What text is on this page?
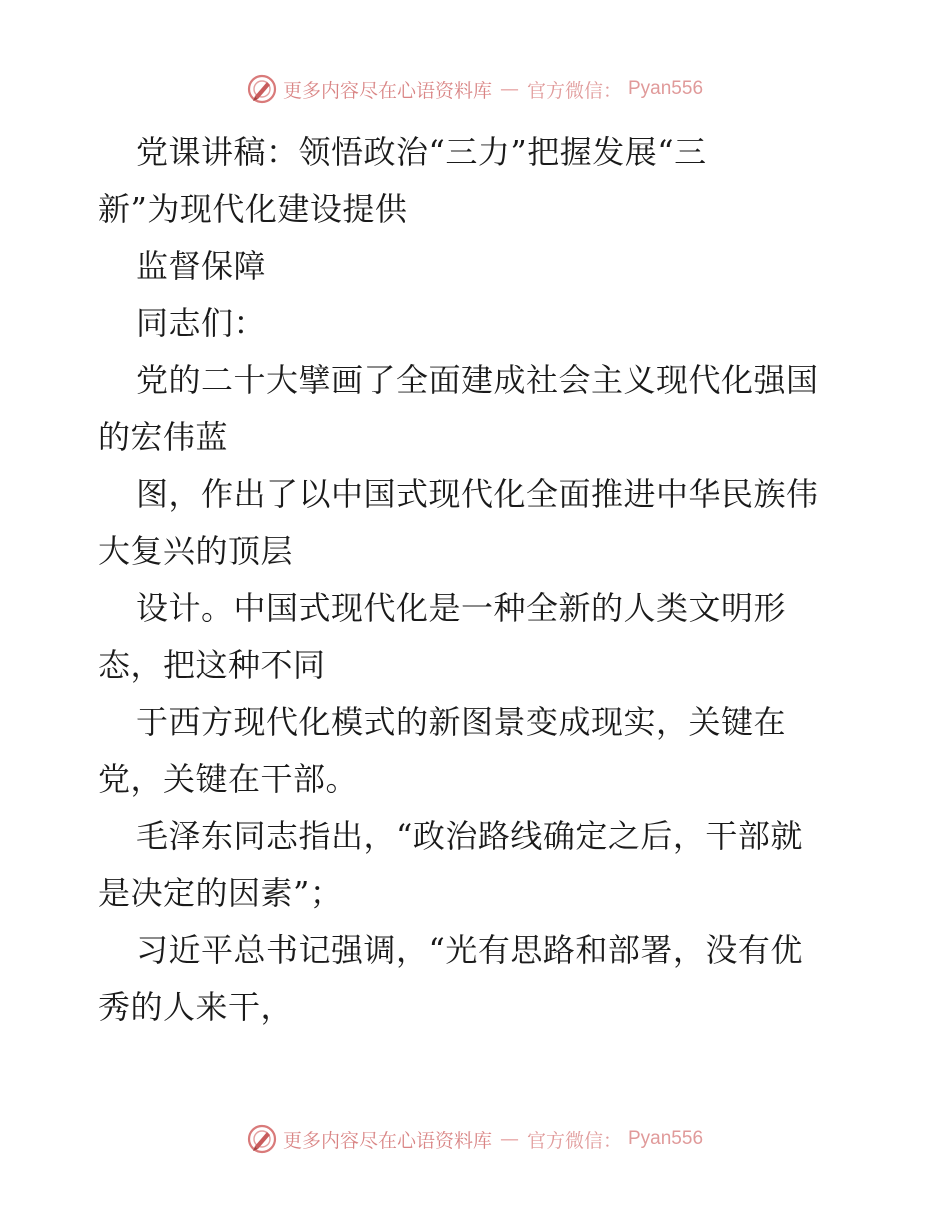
更多内容尽在心语资料库 — 官方微信： Pyan556
党课讲稿：领悟政治“三力”把握发展“三
新”为现代化建设提供
监督保障
同志们：
党的二十大擘画了全面建成社会主义现代化强国
的宏伟蓝
图，作出了以中国式现代化全面推进中华民族伟
大复兴的顶层
设计。中国式现代化是一种全新的人类文明形
态，把这种不同
于西方现代化模式的新图景变成现实，关键在
党，关键在干部。
毛泽东同志指出，“政治路线确定之后，干部就
是决定的因素”；
习近平总书记强调，“光有思路和部署，没有优
秀的人来干，
更多内容尽在心语资料库 — 官方微信： Pyan556
